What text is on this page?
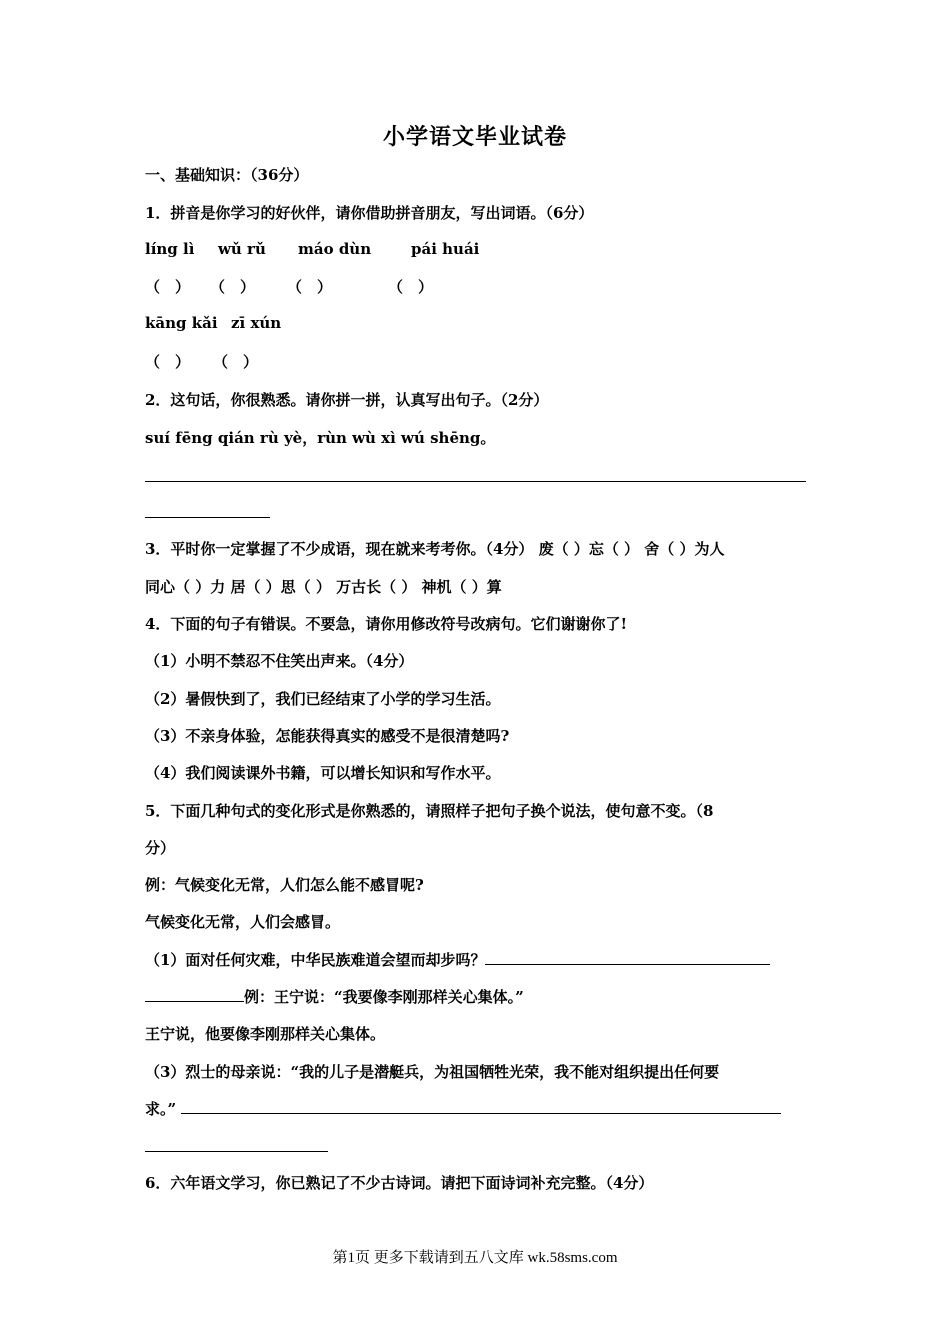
小学语文毕业试卷
一、基础知识：（36分）
1．拼音是你学习的好伙伴，请你借助拼音朋友，写出词语。（6分）
líng lì wǔ rǔ máo dùn	pái huái
（　） （　） （　）	（　）
kāng kǎi zī xún
（　） （　）
2．这句话，你很熟悉。请你拼一拼，认真写出句子。（2分）
suí fēng qián rù yè，rùn wù xì wú shēng。
3．平时你一定掌握了不少成语，现在就来考考你。（4分） 废（ ）忘（ ） 舍（ ）为人
同心（ ）力 居（ ）思（ ） 万古长（ ） 神机（ ）算
4．下面的句子有错误。不要急，请你用修改符号改病句。它们谢谢你了!
（1）小明不禁忍不住笑出声来。（4分）
（2）暑假快到了，我们已经结束了小学的学习生活。
（3）不亲身体验，怎能获得真实的感受不是很清楚吗?
（4）我们阅读课外书籍，可以增长知识和写作水平。
5．下面几种句式的变化形式是你熟悉的，请照样子把句子换个说法，使句意不变。（8
分）
例：气候变化无常，人们怎么能不感冒呢?
气候变化无常，人们会感冒。
（1）面对任何灾难，中华民族难道会望而却步吗？
例：王宁说：“我要像李刚那样关心集体。”
王宁说，他要像李刚那样关心集体。
（3）烈士的母亲说：“我的儿子是潜艇兵，为祖国牺牲光荣，我不能对组织提出任何要
求。”
6．六年语文学习，你已熟记了不少古诗词。请把下面诗词补充完整。（4分）
第1页 更多下载请到五八文库 wk.58sms.com
